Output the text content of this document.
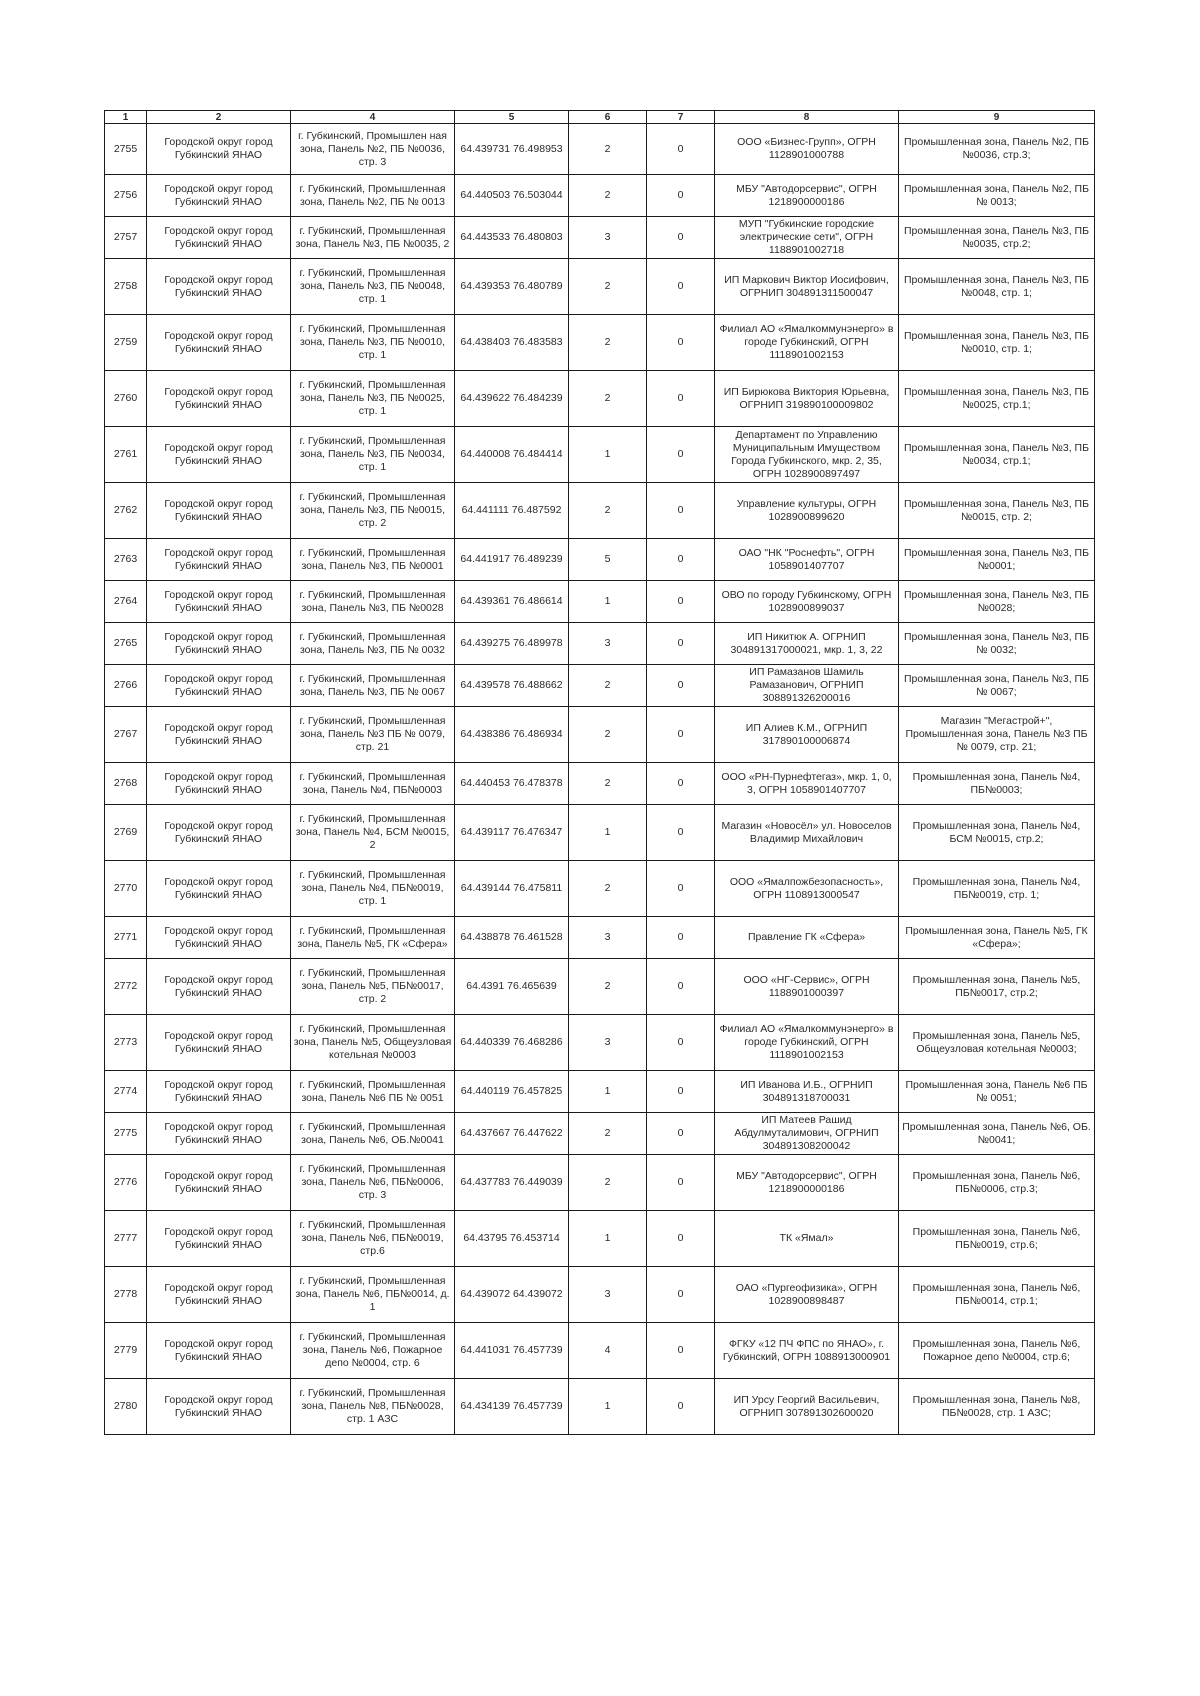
1	2	4	5	6	7	8	9
2755	Городской округ город Губкинский ЯНАО	г. Губкинский, Промышлен ная зона, Панель №2, ПБ №0036, стр. 3	64.439731 76.498953	2	0	ООО «Бизнес-Групп», ОГРН 1128901000788	Промышленная зона, Панель №2, ПБ №0036, стр.3;
2756	Городской округ город Губкинский ЯНАО	г. Губкинский, Промышленная зона, Панель №2, ПБ № 0013	64.440503 76.503044	2	0	МБУ "Автодорсервис", ОГРН 1218900000186	Промышленная зона, Панель №2, ПБ № 0013;
2757	Городской округ город Губкинский ЯНАО	г. Губкинский, Промышленная зона, Панель №3, ПБ №0035, 2	64.443533 76.480803	3	0	МУП "Губкинские городские электрические сети", ОГРН 1188901002718	Промышленная зона, Панель №3, ПБ №0035, стр.2;
2758	Городской округ город Губкинский ЯНАО	г. Губкинский, Промышленная зона, Панель №3, ПБ №0048, стр. 1	64.439353 76.480789	2	0	ИП Маркович Виктор Иосифович, ОГРНИП 304891311500047	Промышленная зона, Панель №3, ПБ №0048, стр. 1;
2759	Городской округ город Губкинский ЯНАО	г. Губкинский, Промышленная зона, Панель №3, ПБ №0010, стр. 1	64.438403 76.483583	2	0	Филиал АО «Ямалкоммунэнерго» в городе Губкинский, ОГРН 1118901002153	Промышленная зона, Панель №3, ПБ №0010, стр. 1;
2760	Городской округ город Губкинский ЯНАО	г. Губкинский, Промышленная зона, Панель №3, ПБ №0025, стр. 1	64.439622 76.484239	2	0	ИП Бирюкова Виктория Юрьевна, ОГРНИП 319890100009802	Промышленная зона, Панель №3, ПБ №0025, стр.1;
2761	Городской округ город Губкинский ЯНАО	г. Губкинский, Промышленная зона, Панель №3, ПБ №0034, стр. 1	64.440008 76.484414	1	0	Департамент по Управлению Муниципальным Имуществом Города Губкинского, мкр. 2, 35, ОГРН 1028900897497	Промышленная зона, Панель №3, ПБ №0034, стр.1;
2762	Городской округ город Губкинский ЯНАО	г. Губкинский, Промышленная зона, Панель №3, ПБ №0015, стр. 2	64.441111 76.487592	2	0	Управление культуры, ОГРН 1028900899620	Промышленная зона, Панель №3, ПБ №0015, стр. 2;
2763	Городской округ город Губкинский ЯНАО	г. Губкинский, Промышленная зона, Панель №3, ПБ №0001	64.441917 76.489239	5	0	ОАО "НК "Роснефть", ОГРН 1058901407707	Промышленная зона, Панель №3, ПБ №0001;
2764	Городской округ город Губкинский ЯНАО	г. Губкинский, Промышленная зона, Панель №3, ПБ №0028	64.439361 76.486614	1	0	ОВО по городу Губкинскому, ОГРН 1028900899037	Промышленная зона, Панель №3, ПБ №0028;
2765	Городской округ город Губкинский ЯНАО	г. Губкинский, Промышленная зона, Панель №3, ПБ № 0032	64.439275 76.489978	3	0	ИП Никитюк А. ОГРНИП 304891317000021, мкр. 1, 3, 22	Промышленная зона, Панель №3, ПБ № 0032;
2766	Городской округ город Губкинский ЯНАО	г. Губкинский, Промышленная зона, Панель №3, ПБ № 0067	64.439578 76.488662	2	0	ИП Рамазанов Шамиль Рамазанович, ОГРНИП 308891326200016	Промышленная зона, Панель №3, ПБ № 0067;
2767	Городской округ город Губкинский ЯНАО	г. Губкинский, Промышленная зона, Панель №3 ПБ № 0079, стр. 21	64.438386 76.486934	2	0	ИП Алиев К.М., ОГРНИП 317890100006874	Магазин "Мегастрой+", Промышленная зона, Панель №3 ПБ № 0079, стр. 21;
2768	Городской округ город Губкинский ЯНАО	г. Губкинский, Промышленная зона, Панель №4, ПБ№0003	64.440453 76.478378	2	0	ООО «РН-Пурнефтегаз», мкр. 1, 0, 3, ОГРН 1058901407707	Промышленная зона, Панель №4, ПБ№0003;
2769	Городской округ город Губкинский ЯНАО	г. Губкинский, Промышленная зона, Панель №4, БСМ №0015, 2	64.439117 76.476347	1	0	Магазин «Новосёл» ул. Новоселов Владимир Михайлович	Промышленная зона, Панель №4, БСМ №0015, стр.2;
2770	Городской округ город Губкинский ЯНАО	г. Губкинский, Промышленная зона, Панель №4, ПБ№0019, стр. 1	64.439144 76.475811	2	0	ООО «Ямалпожбезопасность», ОГРН 1108913000547	Промышленная зона, Панель №4, ПБ№0019, стр. 1;
2771	Городской округ город Губкинский ЯНАО	г. Губкинский, Промышленная зона, Панель №5, ГК «Сфера»	64.438878 76.461528	3	0	Правление ГК «Сфера»	Промышленная зона, Панель №5, ГК «Сфера»;
2772	Городской округ город Губкинский ЯНАО	г. Губкинский, Промышленная зона, Панель №5, ПБ№0017, стр. 2	64.4391 76.465639	2	0	ООО «НГ-Сервис», ОГРН 1188901000397	Промышленная зона, Панель №5, ПБ№0017, стр.2;
2773	Городской округ город Губкинский ЯНАО	г. Губкинский, Промышленная зона, Панель №5, Общеузловая котельная №0003	64.440339 76.468286	3	0	Филиал АО «Ямалкоммунэнерго» в городе Губкинский, ОГРН 1118901002153	Промышленная зона, Панель №5, Общеузловая котельная №0003;
2774	Городской округ город Губкинский ЯНАО	г. Губкинский, Промышленная зона, Панель №6 ПБ № 0051	64.440119 76.457825	1	0	ИП Иванова И.Б., ОГРНИП 304891318700031	Промышленная зона, Панель №6 ПБ № 0051;
2775	Городской округ город Губкинский ЯНАО	г. Губкинский, Промышленная зона, Панель №6, ОБ.№0041	64.437667 76.447622	2	0	ИП Матеев Рашид Абдулмуталимович, ОГРНИП 304891308200042	Промышленная зона, Панель №6, ОБ.№0041;
2776	Городской округ город Губкинский ЯНАО	г. Губкинский, Промышленная зона, Панель №6, ПБ№0006, стр. 3	64.437783 76.449039	2	0	МБУ "Автодорсервис", ОГРН 1218900000186	Промышленная зона, Панель №6, ПБ№0006, стр.3;
2777	Городской округ город Губкинский ЯНАО	г. Губкинский, Промышленная зона, Панель №6, ПБ№0019, стр.6	64.43795 76.453714	1	0	ТК «Ямал»	Промышленная зона, Панель №6, ПБ№0019, стр.6;
2778	Городской округ город Губкинский ЯНАО	г. Губкинский, Промышленная зона, Панель №6, ПБ№0014, д. 1	64.439072 64.439072	3	0	ОАО «Пургеофизика», ОГРН 1028900898487	Промышленная зона, Панель №6, ПБ№0014, стр.1;
2779	Городской округ город Губкинский ЯНАО	г. Губкинский, Промышленная зона, Панель №6, Пожарное депо №0004, стр. 6	64.441031 76.457739	4	0	ФГКУ «12 ПЧ ФПС по ЯНАО», г. Губкинский, ОГРН 1088913000901	Промышленная зона, Панель №6, Пожарное депо №0004, стр.6;
2780	Городской округ город Губкинский ЯНАО	г. Губкинский, Промышленная зона, Панель №8, ПБ№0028, стр. 1 АЗС	64.434139 76.457739	1	0	ИП Урсу Георгий Васильевич, ОГРНИП 307891302600020	Промышленная зона, Панель №8, ПБ№0028, стр. 1 АЗС;
